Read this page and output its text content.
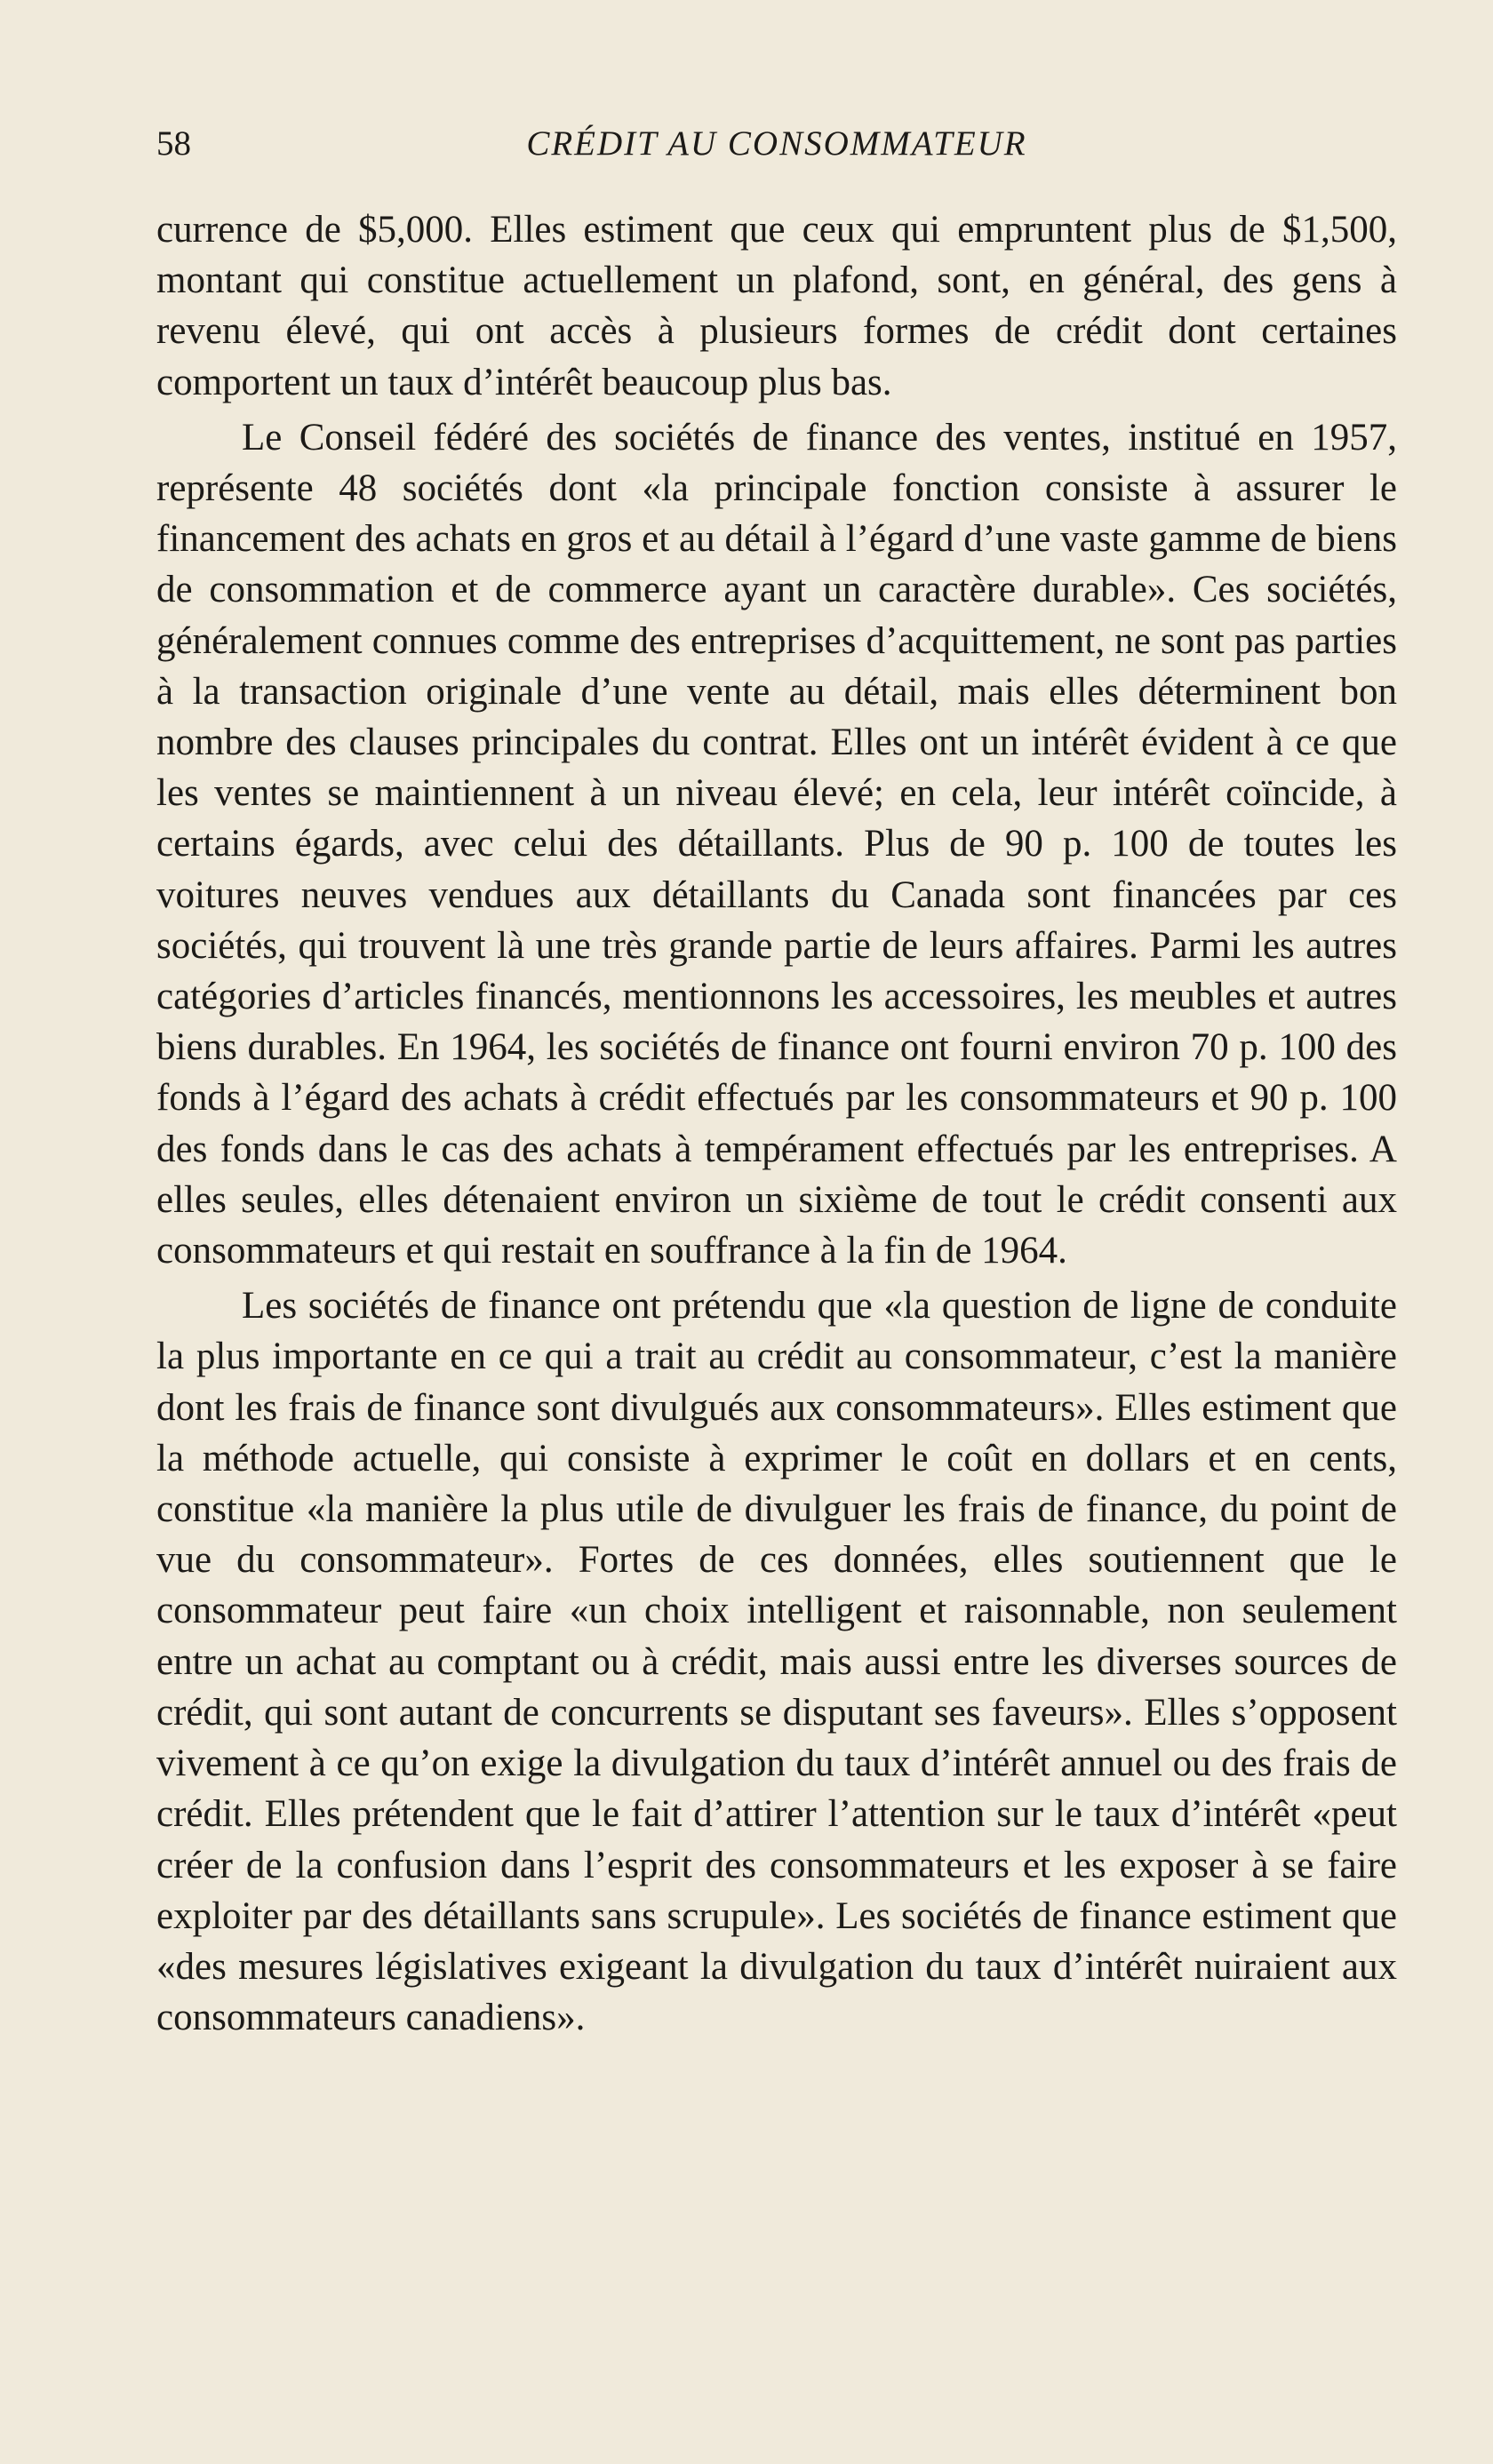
58	CRÉDIT AU CONSOMMATEUR

currence de $5,000. Elles estiment que ceux qui empruntent plus de $1,500, montant qui constitue actuellement un plafond, sont, en général, des gens à revenu élevé, qui ont accès à plusieurs formes de crédit dont certaines comportent un taux d’intérêt beaucoup plus bas.

Le Conseil fédéré des sociétés de finance des ventes, institué en 1957, représente 48 sociétés dont «la principale fonction consiste à assurer le financement des achats en gros et au détail à l’égard d’une vaste gamme de biens de consommation et de commerce ayant un caractère durable». Ces sociétés, généralement connues comme des entreprises d’acquittement, ne sont pas parties à la transaction originale d’une vente au détail, mais elles déterminent bon nombre des clauses principales du contrat. Elles ont un intérêt évident à ce que les ventes se maintiennent à un niveau élevé; en cela, leur intérêt coïncide, à certains égards, avec celui des détaillants. Plus de 90 p. 100 de toutes les voitures neuves vendues aux détaillants du Canada sont financées par ces sociétés, qui trouvent là une très grande partie de leurs affaires. Parmi les autres catégories d’articles financés, mentionnons les accessoires, les meubles et autres biens durables. En 1964, les sociétés de finance ont fourni environ 70 p. 100 des fonds à l’égard des achats à crédit effectués par les consommateurs et 90 p. 100 des fonds dans le cas des achats à tempérament effectués par les entreprises. A elles seules, elles détenaient environ un sixième de tout le crédit consenti aux consommateurs et qui restait en souffrance à la fin de 1964.

Les sociétés de finance ont prétendu que «la question de ligne de conduite la plus importante en ce qui a trait au crédit au consommateur, c’est la manière dont les frais de finance sont divulgués aux consommateurs». Elles estiment que la méthode actuelle, qui consiste à exprimer le coût en dollars et en cents, constitue «la manière la plus utile de divulguer les frais de finance, du point de vue du consommateur». Fortes de ces données, elles soutiennent que le consommateur peut faire «un choix intelligent et raisonnable, non seulement entre un achat au comptant ou à crédit, mais aussi entre les diverses sources de crédit, qui sont autant de concurrents se disputant ses faveurs». Elles s’opposent vivement à ce qu’on exige la divulgation du taux d’intérêt annuel ou des frais de crédit. Elles prétendent que le fait d’attirer l’attention sur le taux d’intérêt «peut créer de la confusion dans l’esprit des consommateurs et les exposer à se faire exploiter par des détaillants sans scrupule». Les sociétés de finance estiment que «des mesures législatives exigeant la divulgation du taux d’intérêt nuiraient aux consommateurs canadiens».
